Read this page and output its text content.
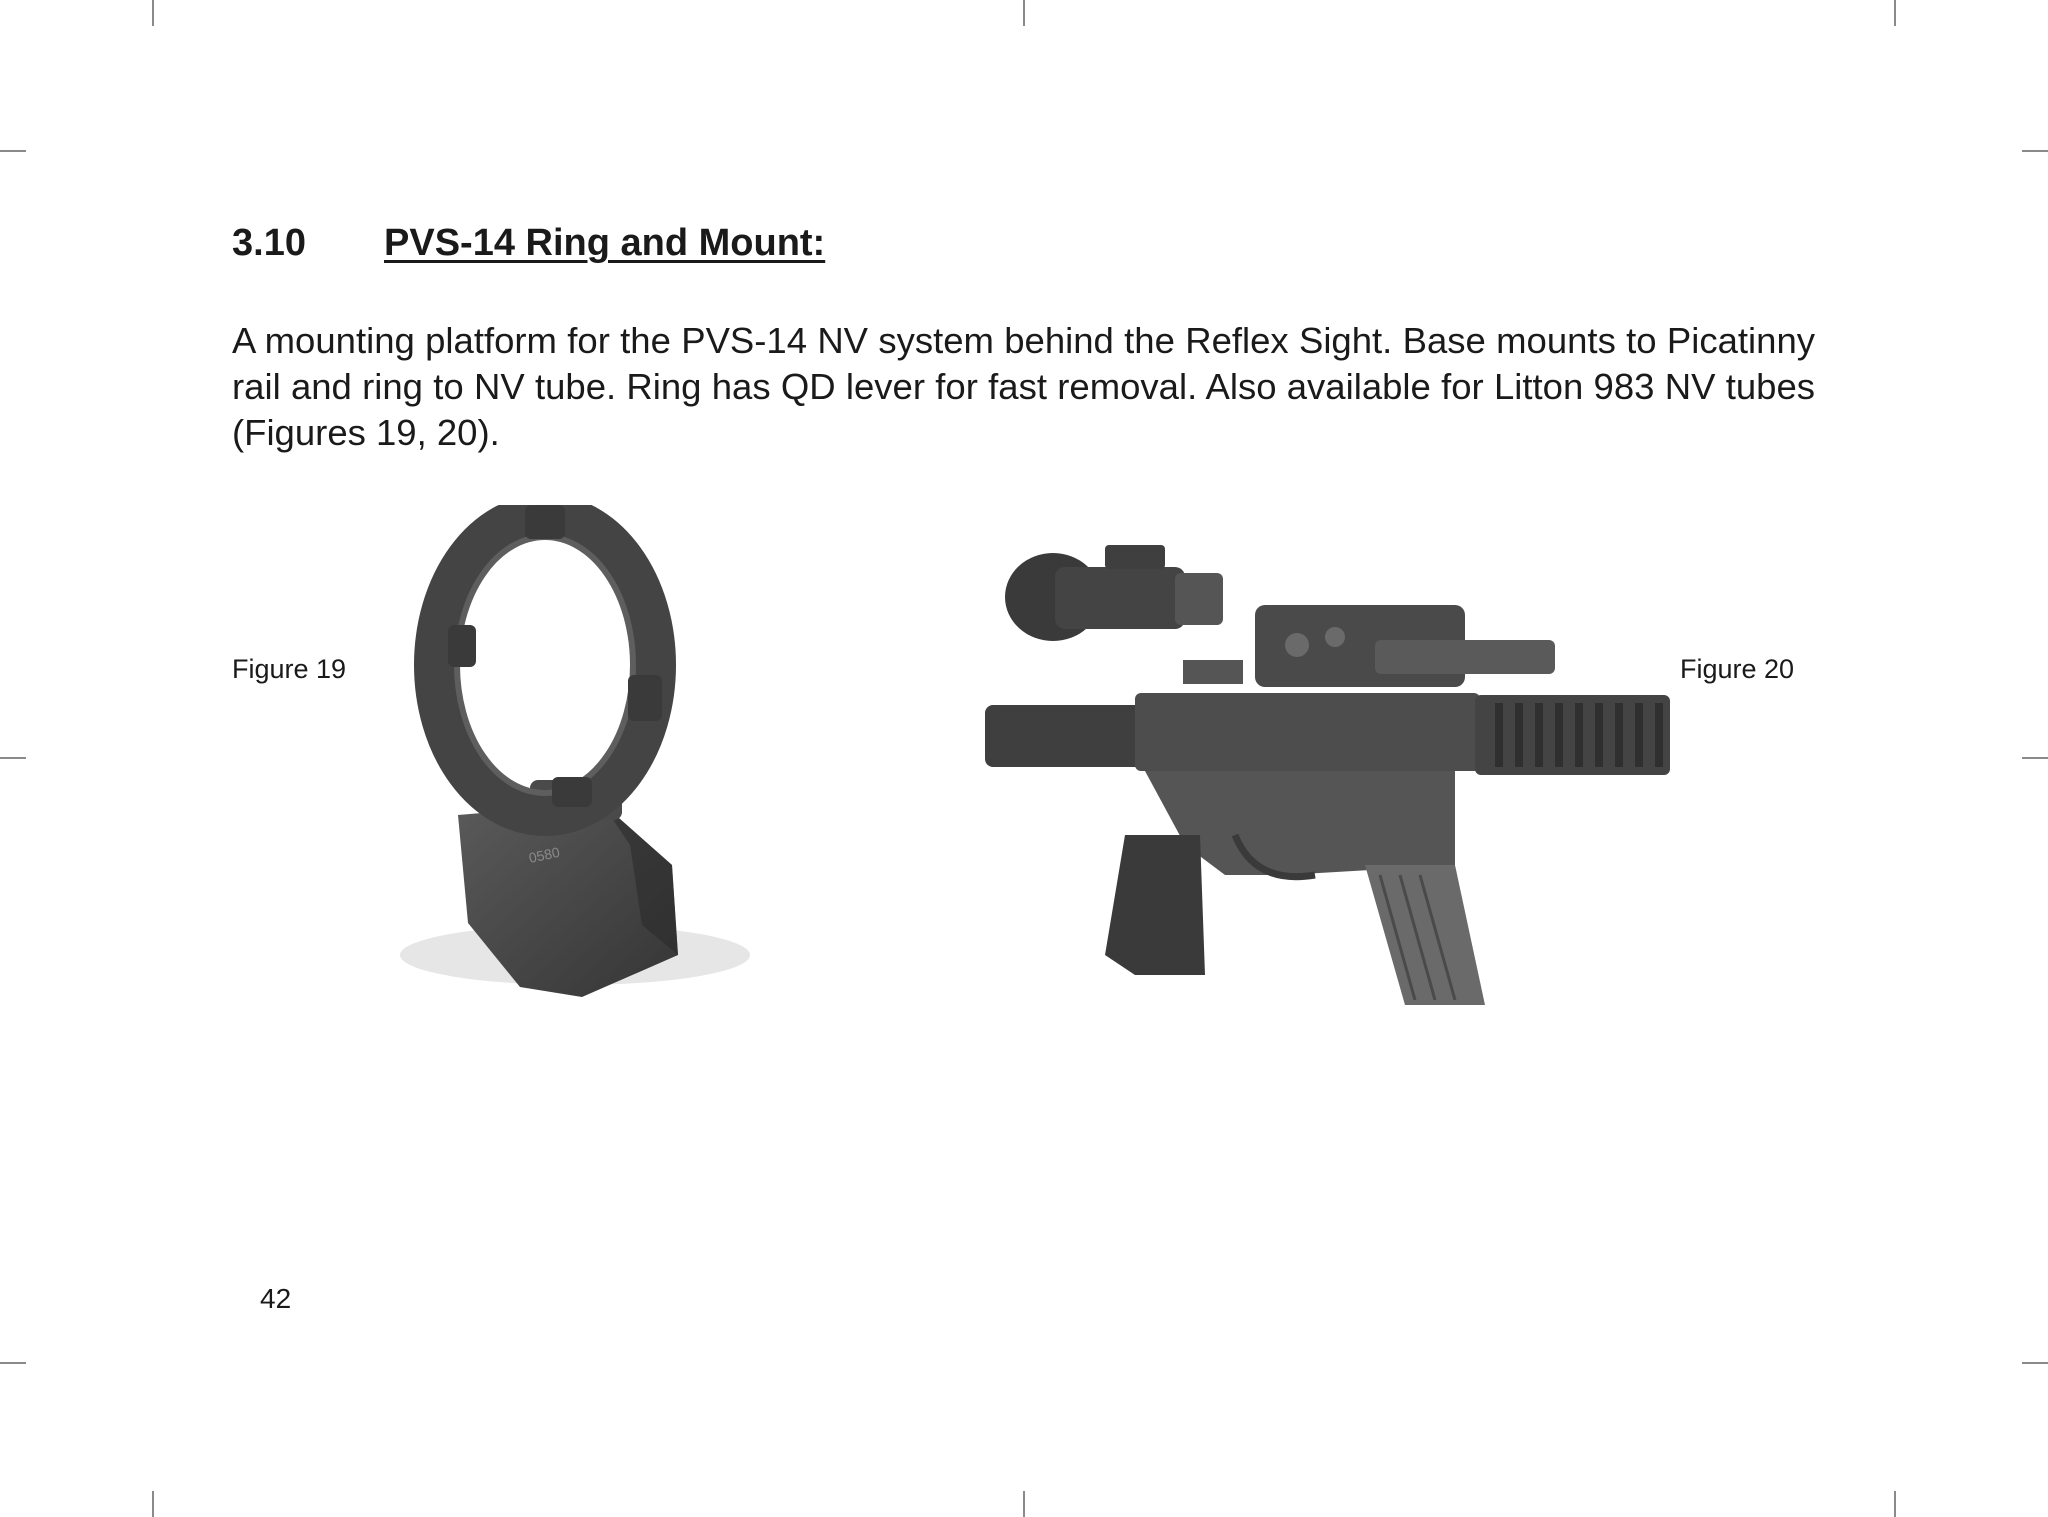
3.10 PVS-14 Ring and Mount:

A mounting platform for the PVS-14 NV system behind the Reflex Sight. Base mounts to Picatinny rail and ring to NV tube. Ring has QD lever for fast removal. Also available for Litton 983 NV tubes (Figures 19, 20).

Figure 19
0580
Figure 20
42
